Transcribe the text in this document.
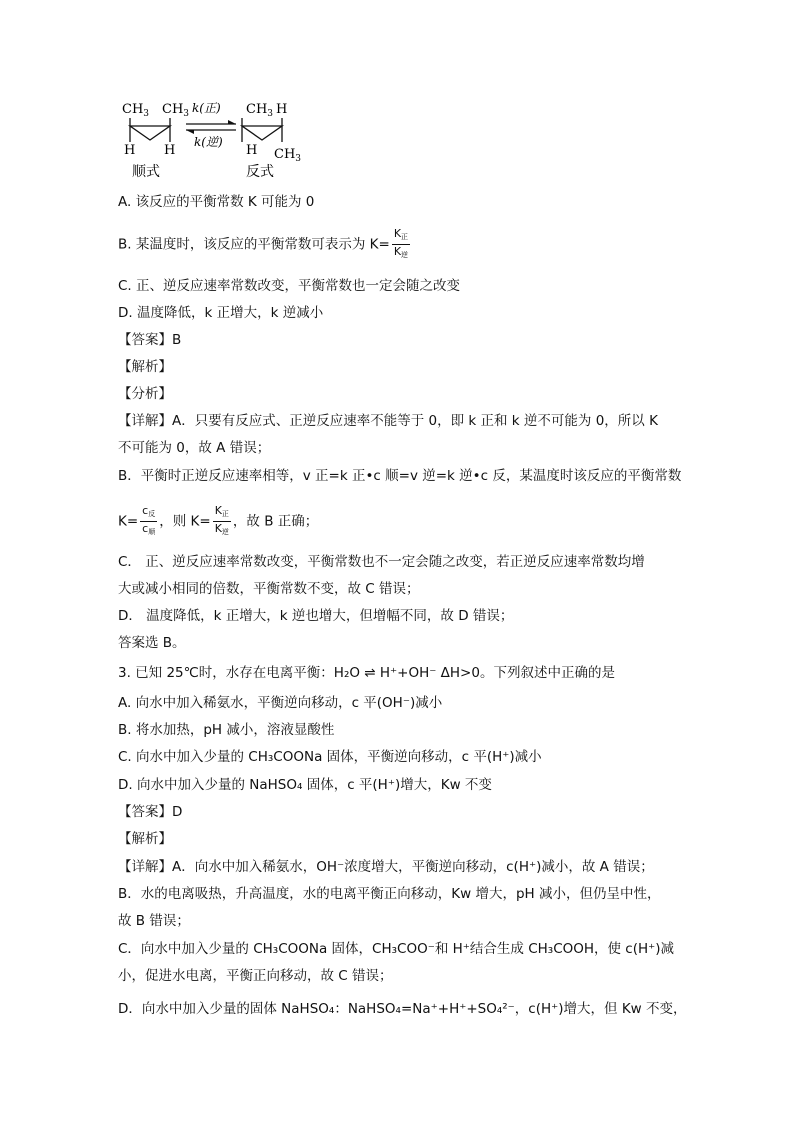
$CH_3$ $CH_3$
H H
顺式
k(正)
k(逆)
$CH_3$ H
H $CH_3$
反式
A. 该反应的平衡常数 K 可能为 0
B. 某温度时，该反应的平衡常数可表示为 $K= \frac{\text{K正}}{\text{K逆}}$
C. 正、逆反应速率常数改变，平衡常数也一定会随之改变
D. 温度降低，k 正增大，k 逆减小
【答案】B
【解析】
【分析】
【详解】A．只要有反应式、正逆反应速率不能等于 0，即 k 正和 k 逆不可能为 0，所以 K
不可能为 0，故 A 错误；
B．平衡时正逆反应速率相等，v 正=k 正•c 顺=v 逆=k 逆•c 反，某温度时该反应的平衡常数
$K= \frac{\text{c反}}{\text{c顺}}$ ，则 $K= \frac{\text{K正}}{\text{K逆}}$ ，故 B 正确；
C． 正、逆反应速率常数改变，平衡常数也不一定会随之改变，若正逆反应速率常数均增
大或减小相同的倍数，平衡常数不变，故 C 错误；
D． 温度降低，k 正增大，k 逆也增大，但增幅不同，故 D 错误；
答案选 B。
3. 已知 25℃时，水存在电离平衡：H₂O ⇌ H⁺+OH⁻ ΔH>0。下列叙述中正确的是
A. 向水中加入稀氨水，平衡逆向移动，c 平(OH⁻)减小
B. 将水加热，pH 减小，溶液显酸性
C. 向水中加入少量的 CH₃COONa 固体，平衡逆向移动，c 平(H⁺)减小
D. 向水中加入少量的 NaHSO₄ 固体，c 平(H⁺)增大，Kw 不变
【答案】D
【解析】
【详解】A．向水中加入稀氨水，OH⁻浓度增大，平衡逆向移动，c(H⁺)减小，故 A 错误；
B．水的电离吸热，升高温度，水的电离平衡正向移动，Kw 增大，pH 减小，但仍呈中性，
故 B 错误；
C．向水中加入少量的 CH₃COONa 固体，CH₃COO⁻和 H⁺结合生成 CH₃COOH，使 c(H⁺)减
小，促进水电离，平衡正向移动，故 C 错误；
D．向水中加入少量的固体 NaHSO₄：NaHSO₄=Na⁺+H⁺+SO₄²⁻，c(H⁺)增大，但 Kw 不变，
